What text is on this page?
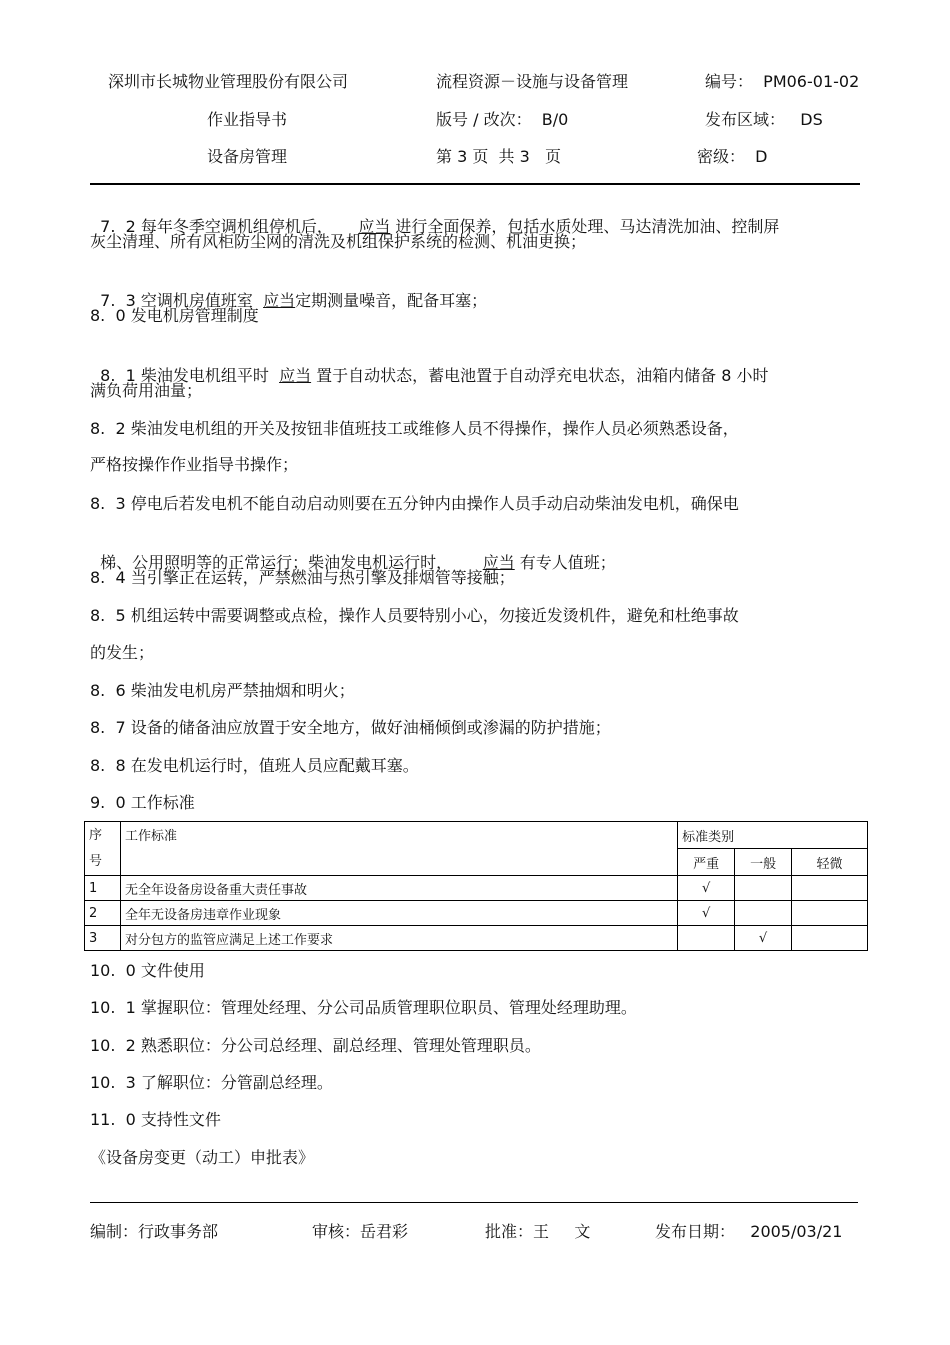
深圳市长城物业管理股份有限公司	流程资源－设施与设备管理	编号：  PM06-01-02
作业指导书	版号 / 改次：  B/0	发布区域：   DS
设备房管理	第 3 页  共 3   页	密级：  D

7.  2 每年冬季空调机组停机后，     应当 进行全面保养，包括水质处理、马达清洗加油、控制屏

灰尘清理、所有风柜防尘网的清洗及机组保护系统的检测、机油更换；

7.  3 空调机房值班室  应当定期测量噪音，配备耳塞；

8.  0 发电机房管理制度

8.  1 柴油发电机组平时  应当 置于自动状态，蓄电池置于自动浮充电状态，油箱内储备 8 小时

满负荷用油量；
8.  2 柴油发电机组的开关及按钮非值班技工或维修人员不得操作，操作人员必须熟悉设备，
严格按操作作业指导书操作；
8.  3 停电后若发电机不能自动启动则要在五分钟内由操作人员手动启动柴油发电机，确保电

梯、公用照明等的正常运行；柴油发电机运行时，      应当 有专人值班；

8.  4 当引擎正在运转，严禁燃油与热引擎及排烟管等接触；
8.  5 机组运转中需要调整或点检，操作人员要特别小心，勿接近发烫机件，避免和杜绝事故
的发生；
8.  6 柴油发电机房严禁抽烟和明火；
8.  7 设备的储备油应放置于安全地方，做好油桶倾倒或渗漏的防护措施；
8.  8 在发电机运行时，值班人员应配戴耳塞。
9.  0 工作标准
序
号	工作标准	标准类别		
		严重	一般	轻微
1	无全年设备房设备重大责任事故	√		
2	全年无设备房违章作业现象	√		
3	对分包方的监管应满足上述工作要求		√	
10.  0 文件使用
10.  1 掌握职位：管理处经理、分公司品质管理职位职员、管理处经理助理。
10.  2 熟悉职位：分公司总经理、副总经理、管理处管理职员。
10.  3 了解职位：分管副总经理。
11.  0 支持性文件
《设备房变更（动工）申批表》
编制：行政事务部	审核：岳君彩	批准：王     文	发布日期：   2005/03/21
